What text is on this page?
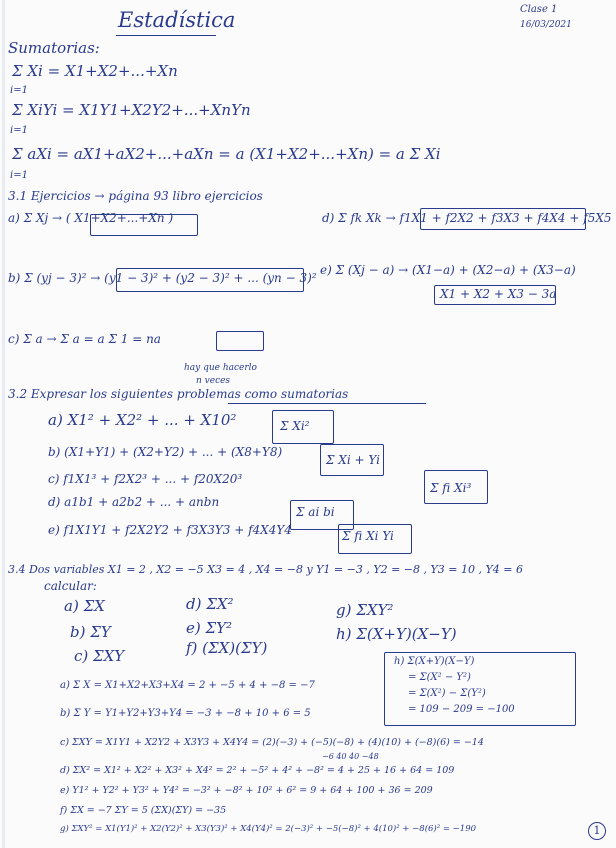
Estadística	Clase 1
16/03/2021
Sumatorias:
Σ Xi = X1+X2+...+Xn
i=1
Σ XiYi = X1Y1+X2Y2+...+XnYn
i=1
Σ aXi = aX1+aX2+...+aXn = a (X1+X2+...+Xn) = a Σ Xi
i=1
3.1 Ejercicios → página 93 libro ejercicios
a) Σ Xj → ( X1+X2+...+Xn )	d) Σ fk Xk → f1X1 + f2X2 + f3X3 + f4X4 + f5X5
b) Σ (yj − 3)² → (y1 − 3)² + (y2 − 3)² + ... (yn − 3)²
e) Σ (Xj − a) → (X1−a) + (X2−a) + (X3−a)
X1 + X2 + X3 − 3a
c) Σ a → Σ a = a Σ 1 = na
hay que hacerlo
n veces
3.2 Expresar los siguientes problemas como sumatorias
a) X1² + X2² + ... + X10²	Σ Xi²
b) (X1+Y1) + (X2+Y2) + ... + (X8+Y8)
Σ Xi + Yi
c) f1X1³ + f2X2³ + ... + f20X20³
Σ fi Xi³
d) a1b1 + a2b2 + ... + anbn
Σ ai bi
e) f1X1Y1 + f2X2Y2 + f3X3Y3 + f4X4Y4	Σ fi Xi Yi
3.4 Dos variables X1 = 2 , X2 = −5 X3 = 4 , X4 = −8 y Y1 = −3 , Y2 = −8 , Y3 = 10 , Y4 = 6
calcular:
a) ΣX
b) ΣY
c) ΣXY
d) ΣX²
e) ΣY²
f) (ΣX)(ΣY)
g) ΣXY²
h) Σ(X+Y)(X−Y)
h) Σ(X+Y)(X−Y)
= Σ(X² − Y²)
= Σ(X²) − Σ(Y²)
= 109 − 209 = −100
a) Σ X = X1+X2+X3+X4 = 2 + −5 + 4 + −8 = −7
b) Σ Y = Y1+Y2+Y3+Y4 = −3 + −8 + 10 + 6 = 5
c) ΣXY = X1Y1 + X2Y2 + X3Y3 + X4Y4 = (2)(−3) + (−5)(−8) + (4)(10) + (−8)(6) = −14
−6 40 40 −48
d) ΣX² = X1² + X2² + X3² + X4² = 2² + −5² + 4² + −8² = 4 + 25 + 16 + 64 = 109
e) Y1² + Y2² + Y3² + Y4² = −3² + −8² + 10² + 6² = 9 + 64 + 100 + 36 = 209
f) ΣX = −7 ΣY = 5 (ΣX)(ΣY) = −35
g) ΣXY² = X1(Y1)² + X2(Y2)² + X3(Y3)² + X4(Y4)² = 2(−3)² + −5(−8)² + 4(10)² + −8(6)² = −190	1
